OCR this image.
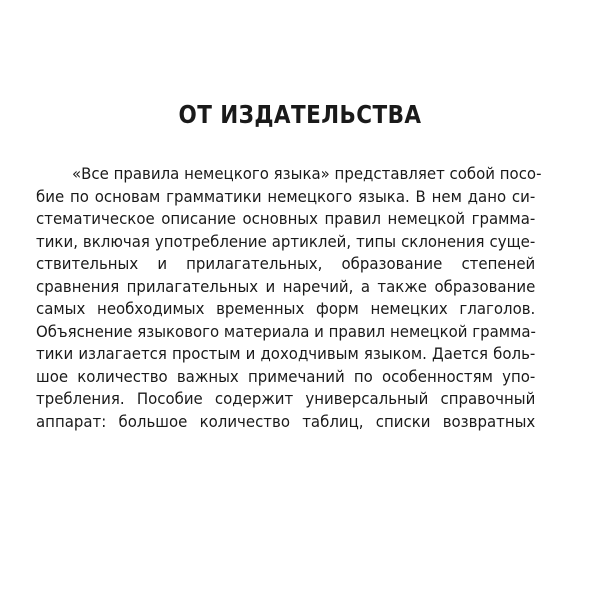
ОТ ИЗДАТЕЛЬСТВА
«Все правила немецкого языка» представляет собой посо-
бие по основам грамматики немецкого языка. В нем дано си-
стематическое описание основных правил немецкой граммa-
тики, включая употребление артиклей, типы склонения суще-
ствительных и прилагательных, образование степеней
сравнения прилагательных и наречий, а также образование
самых необходимых временных форм немецких глаголов.
Объяснение языкового материала и правил немецкой граммa-
тики излагается простым и доходчивым языком. Дается боль-
шое количество важных примечаний по особенностям упо-
требления. Пособие содержит универсальный справочный
аппарат: большое количество таблиц, списки возвратных
